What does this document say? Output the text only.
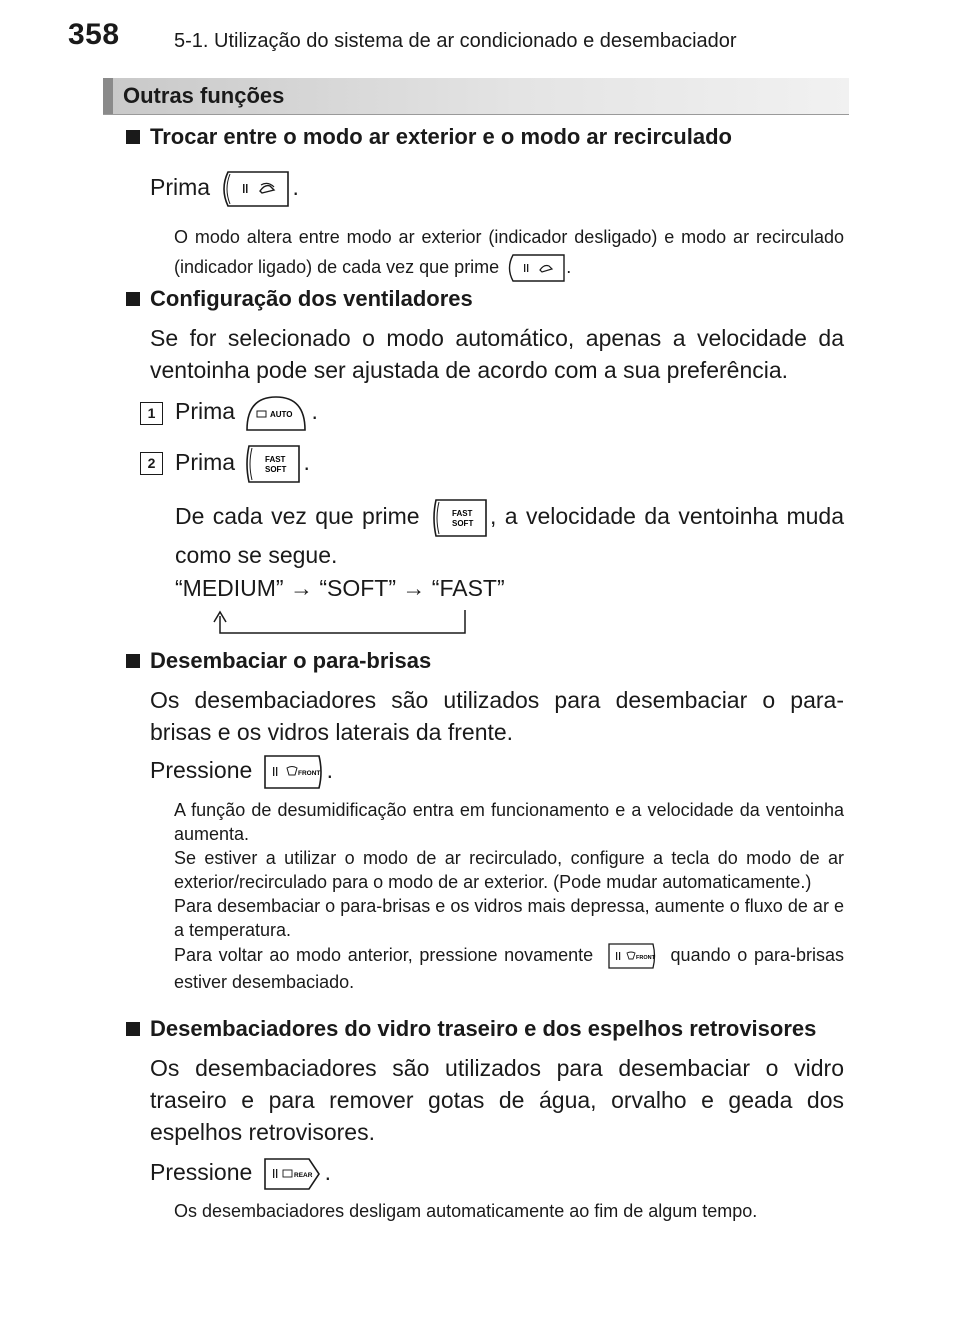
358	5-1. Utilização do sistema de ar condicionado e desembaciador
Outras funções
Trocar entre o modo ar exterior e o modo ar recirculado
Prima	.
O modo altera entre modo ar exterior (indicador desligado) e modo ar recirculado (indicador ligado) de cada vez que prime	.
Configuração dos ventiladores
Se for selecionado o modo automático, apenas a velocidade da ventoinha pode ser ajustada de acordo com a sua preferência.
1 Prima	AUTO .
2 Prima	FAST
SOFT .
De cada vez que prime	FAST
SOFT , a velocidade da ventoinha muda como se segue.
“MEDIUM” → “SOFT” → “FAST”
Desembaciar o para-brisas
Os desembaciadores são utilizados para desembaciar o para-brisas e os vidros laterais da frente.
Pressione	FRONT .
A função de desumidificação entra em funcionamento e a velocidade da ventoinha aumenta.
Se estiver a utilizar o modo de ar recirculado, configure a tecla do modo de ar exterior/recirculado para o modo de ar exterior. (Pode mudar automaticamente.)
Para desembaciar o para-brisas e os vidros mais depressa, aumente o fluxo de ar e a temperatura.
Para voltar ao modo anterior, pressione novamente	FRONT quando o para-brisas estiver desembaciado.
Desembaciadores do vidro traseiro e dos espelhos retrovisores
Os desembaciadores são utilizados para desembaciar o vidro traseiro e para remover gotas de água, orvalho e geada dos espelhos retrovisores.
Pressione	REAR .
Os desembaciadores desligam automaticamente ao fim de algum tempo.
